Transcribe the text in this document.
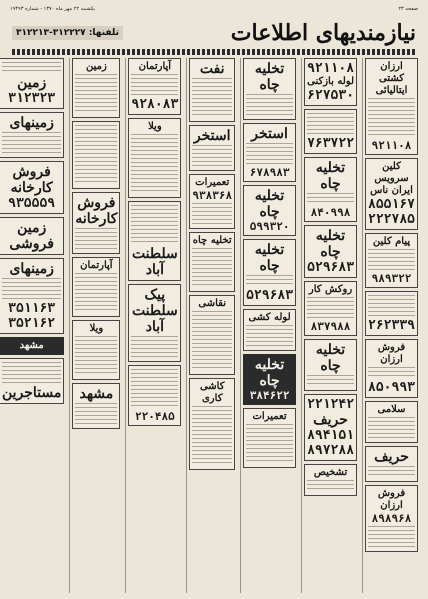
صفحه ۲۳
یکشنبه ۲۲ مهر ماه ۱۳۷۰ - شماره ۱۹۴۹۳
نیازمندیهای اطلاعات
تلفنها: ۳۱۲۲۲۷-۳۱۲۲۱۳
ارزان کشتی ایتالیائی
۹۲۱۱۰۸
کلین سرویس ایران ناس
۸۵۵۱۶۷
۲۲۲۷۸۵
پیام کلین
۹۸۹۳۲۲
۲۶۲۳۳۹
فروش ارزان
۸۵۰۹۹۳
سلامی
حریف
فروش ارزان
۸۹۸۹۶۸
۹۲۱۱۰۸
لوله بازکنی
۶۲۷۵۳۰
۷۶۳۷۲۲
تخلیه چاه
۸۴۰۹۹۸
تخلیه چاه
۵۲۹۶۸۳
روکش کار
۸۳۷۹۸۸
تخلیه چاه
۲۲۱۲۴۲
حریف
۸۹۴۱۵۱
۸۹۷۲۸۸
تشخیص
تخلیه چاه
استخر
۶۷۸۹۸۳
تخلیه چاه
۵۹۹۳۲۰
تخلیه چاه
۵۲۹۶۸۳
لوله کشی
تخلیه چاه
۳۸۴۶۲۲
تعمیرات
نفت
استخر
تعمیرات
۹۳۸۳۶۸
تخلیه چاه
نقاشی
کاشی کاری
آپارتمان
۹۲۸۰۸۳
ویلا
سلطنت آباد
پیک
سلطنت آباد
۲۲۰۴۸۵
زمین
فروش
کارخانه
آپارتمان
ویلا
مشهد
زمین
۳۱۲۳۲۳
زمینهای
فروش
کارخانه
۹۳۵۵۵۹
زمین
فروشی
زمینهای
۳۵۱۱۶۳
۳۵۲۱۶۲
مشهد
مستاجرین
